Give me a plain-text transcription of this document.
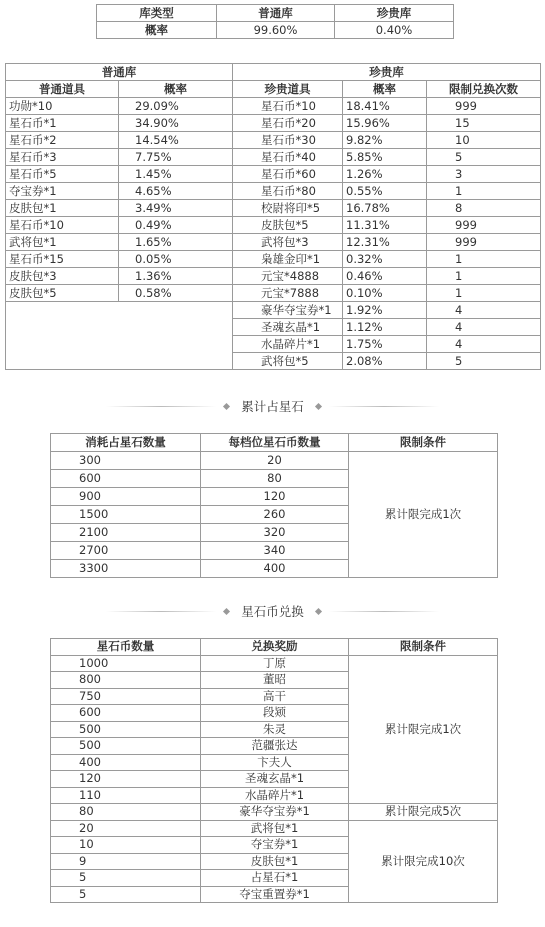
库类型	普通库	珍贵库
概率	99.60%	0.40%
普通库		珍贵库		
普通道具	概率	珍贵道具	概率	限制兑换次数
功勋*10	29.09%	星石币*10	18.41%	999
星石币*1	34.90%	星石币*20	15.96%	15
星石币*2	14.54%	星石币*30	9.82%	10
星石币*3	7.75%	星石币*40	5.85%	5
星石币*5	1.45%	星石币*60	1.26%	3
夺宝券*1	4.65%	星石币*80	0.55%	1
皮肤包*1	3.49%	校尉将印*5	16.78%	8
星石币*10	0.49%	皮肤包*5	11.31%	999
武将包*1	1.65%	武将包*3	12.31%	999
星石币*15	0.05%	枭雄金印*1	0.32%	1
皮肤包*3	1.36%	元宝*4888	0.46%	1
皮肤包*5	0.58%	元宝*7888	0.10%	1
		豪华夺宝券*1	1.92%	4
		圣魂玄晶*1	1.12%	4
		水晶碎片*1	1.75%	4
		武将包*5	2.08%	5
累计占星石
消耗占星石数量	每档位星石币数量	限制条件
300	20	累计限完成1次
600	80	
900	120	
1500	260	
2100	320	
2700	340	
3300	400	
星石币兑换
星石币数量	兑换奖励	限制条件
1000	丁原	累计限完成1次
800	董昭	
750	高干	
600	段颎	
500	朱灵	
500	范疆张达	
400	卞夫人	
120	圣魂玄晶*1	
110	水晶碎片*1	
80	豪华夺宝券*1	累计限完成5次
20	武将包*1	累计限完成10次
10	夺宝券*1	
9	皮肤包*1	
5	占星石*1	
5	夺宝重置券*1	
